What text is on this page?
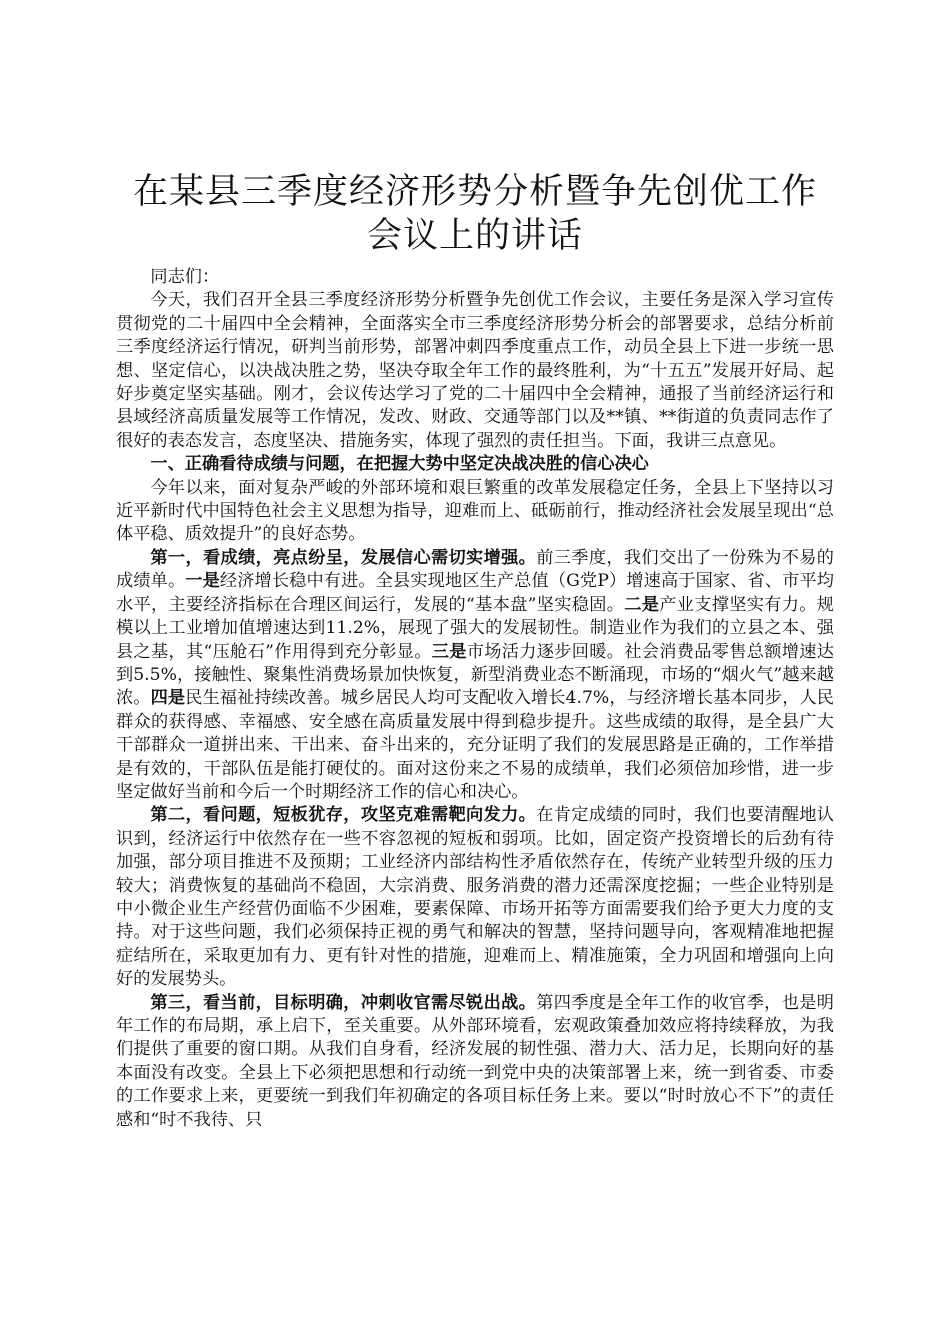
在某县三季度经济形势分析暨争先创优工作会议上的讲话

同志们：

今天，我们召开全县三季度经济形势分析暨争先创优工作会议，主要任务是深入学习宣传贯彻党的二十届四中全会精神，全面落实全市三季度经济形势分析会的部署要求，总结分析前三季度经济运行情况，研判当前形势，部署冲刺四季度重点工作，动员全县上下进一步统一思想、坚定信心，以决战决胜之势，坚决夺取全年工作的最终胜利，为“十五五”发展开好局、起好步奠定坚实基础。刚才，会议传达学习了党的二十届四中全会精神，通报了当前经济运行和县域经济高质量发展等工作情况，发改、财政、交通等部门以及**镇、**街道的负责同志作了很好的表态发言，态度坚决、措施务实，体现了强烈的责任担当。下面，我讲三点意见。

一、正确看待成绩与问题，在把握大势中坚定决战决胜的信心决心

今年以来，面对复杂严峻的外部环境和艰巨繁重的改革发展稳定任务，全县上下坚持以习近平新时代中国特色社会主义思想为指导，迎难而上、砥砺前行，推动经济社会发展呈现出“总体平稳、质效提升”的良好态势。

第一，看成绩，亮点纷呈，发展信心需切实增强。前三季度，我们交出了一份殊为不易的成绩单。一是经济增长稳中有进。全县实现地区生产总值（G党P）增速高于国家、省、市平均水平，主要经济指标在合理区间运行，发展的“基本盘”坚实稳固。二是产业支撑坚实有力。规模以上工业增加值增速达到11.2%，展现了强大的发展韧性。制造业作为我们的立县之本、强县之基，其“压舱石”作用得到充分彰显。三是市场活力逐步回暖。社会消费品零售总额增速达到5.5%，接触性、聚集性消费场景加快恢复，新型消费业态不断涌现，市场的“烟火气”越来越浓。四是民生福祉持续改善。城乡居民人均可支配收入增长4.7%，与经济增长基本同步，人民群众的获得感、幸福感、安全感在高质量发展中得到稳步提升。这些成绩的取得，是全县广大干部群众一道拼出来、干出来、奋斗出来的，充分证明了我们的发展思路是正确的，工作举措是有效的，干部队伍是能打硬仗的。面对这份来之不易的成绩单，我们必须倍加珍惜，进一步坚定做好当前和今后一个时期经济工作的信心和决心。

第二，看问题，短板犹存，攻坚克难需靶向发力。在肯定成绩的同时，我们也要清醒地认识到，经济运行中依然存在一些不容忽视的短板和弱项。比如，固定资产投资增长的后劲有待加强，部分项目推进不及预期；工业经济内部结构性矛盾依然存在，传统产业转型升级的压力较大；消费恢复的基础尚不稳固，大宗消费、服务消费的潜力还需深度挖掘；一些企业特别是中小微企业生产经营仍面临不少困难，要素保障、市场开拓等方面需要我们给予更大力度的支持。对于这些问题，我们必须保持正视的勇气和解决的智慧，坚持问题导向，客观精准地把握症结所在，采取更加有力、更有针对性的措施，迎难而上、精准施策，全力巩固和增强向上向好的发展势头。

第三，看当前，目标明确，冲刺收官需尽锐出战。第四季度是全年工作的收官季，也是明年工作的布局期，承上启下，至关重要。从外部环境看，宏观政策叠加效应将持续释放，为我们提供了重要的窗口期。从我们自身看，经济发展的韧性强、潜力大、活力足，长期向好的基本面没有改变。全县上下必须把思想和行动统一到党中央的决策部署上来，统一到省委、市委的工作要求上来，更要统一到我们年初确定的各项目标任务上来。要以“时时放心不下”的责任感和“时不我待、只
